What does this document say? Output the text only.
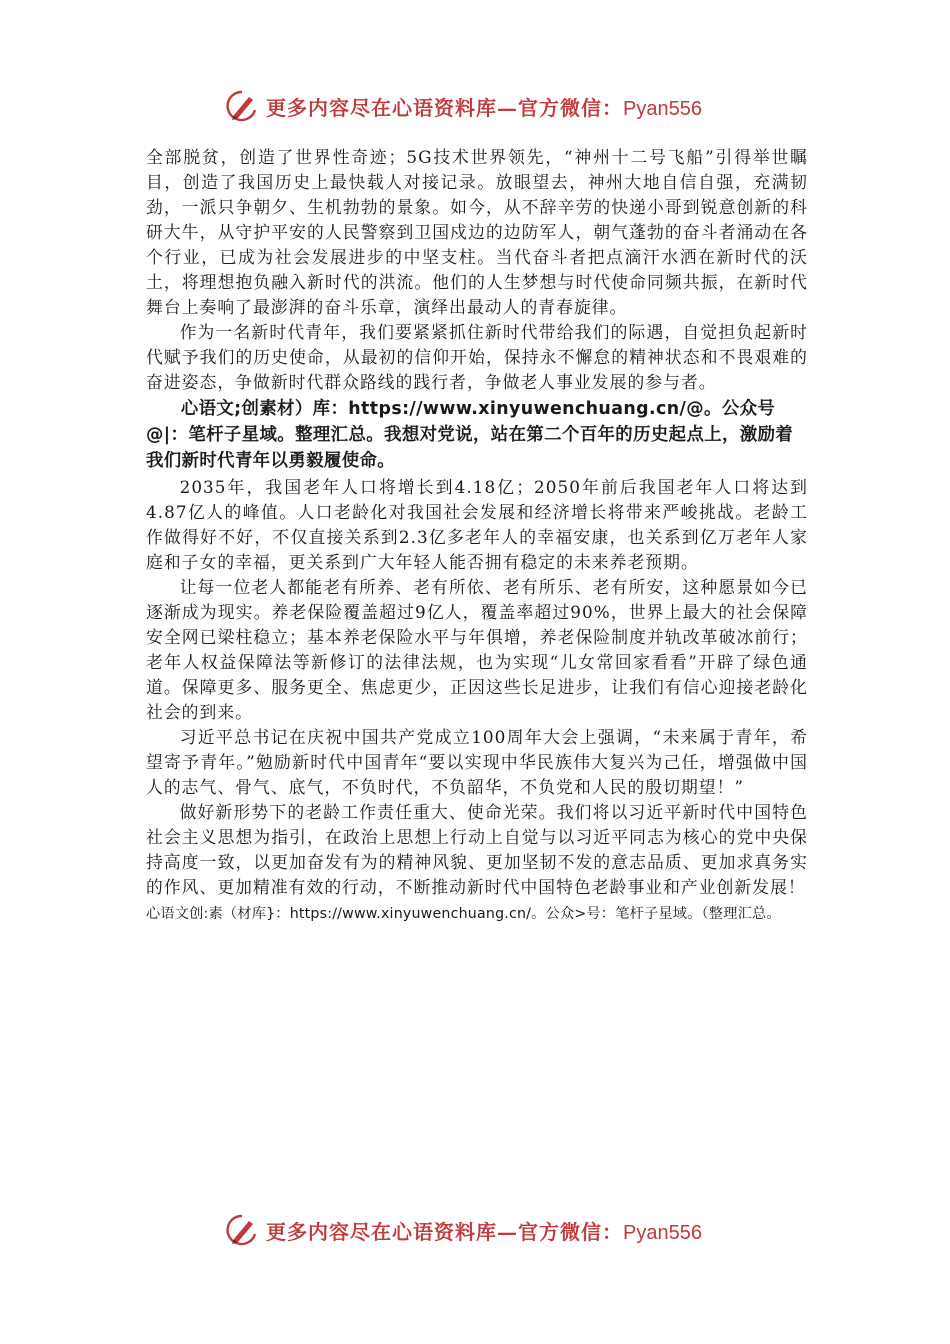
更多内容尽在心语资料库—官方微信：Pyan556

全部脱贫，创造了世界性奇迹；5G技术世界领先，“神州十二号飞船”引得举世瞩目，创造了我国历史上最快载人对接记录。放眼望去，神州大地自信自强，充满韧劲，一派只争朝夕、生机勃勃的景象。如今，从不辞辛劳的快递小哥到锐意创新的科研大牛，从守护平安的人民警察到卫国戍边的边防军人，朝气蓬勃的奋斗者涌动在各个行业，已成为社会发展进步的中坚支柱。当代奋斗者把点滴汗水洒在新时代的沃土，将理想抱负融入新时代的洪流。他们的人生梦想与时代使命同频共振，在新时代舞台上奏响了最澎湃的奋斗乐章，演绎出最动人的青春旋律。

作为一名新时代青年，我们要紧紧抓住新时代带给我们的际遇，自觉担负起新时代赋予我们的历史使命，从最初的信仰开始，保持永不懈怠的精神状态和不畏艰难的奋进姿态，争做新时代群众路线的践行者，争做老人事业发展的参与者。

心语文;创素材）库：https://www.xinyuwenchuang.cn/@。公众号@|：笔杆子星域。整理汇总。我想对党说，站在第二个百年的历史起点上，激励着我们新时代青年以勇毅履使命。

2035年，我国老年人口将增长到4.18亿；2050年前后我国老年人口将达到4.87亿人的峰值。人口老龄化对我国社会发展和经济增长将带来严峻挑战。老龄工作做得好不好，不仅直接关系到2.3亿多老年人的幸福安康，也关系到亿万老年人家庭和子女的幸福，更关系到广大年轻人能否拥有稳定的未来养老预期。

让每一位老人都能老有所养、老有所依、老有所乐、老有所安，这种愿景如今已逐渐成为现实。养老保险覆盖超过9亿人，覆盖率超过90%，世界上最大的社会保障安全网已梁柱稳立；基本养老保险水平与年俱增，养老保险制度并轨改革破冰前行；老年人权益保障法等新修订的法律法规，也为实现“儿女常回家看看”开辟了绿色通道。保障更多、服务更全、焦虑更少，正因这些长足进步，让我们有信心迎接老龄化社会的到来。

习近平总书记在庆祝中国共产党成立100周年大会上强调，“未来属于青年，希望寄予青年。”勉励新时代中国青年“要以实现中华民族伟大复兴为己任，增强做中国人的志气、骨气、底气，不负时代，不负韶华，不负党和人民的殷切期望！”

做好新形势下的老龄工作责任重大、使命光荣。我们将以习近平新时代中国特色社会主义思想为指引，在政治上思想上行动上自觉与以习近平同志为核心的党中央保持高度一致，以更加奋发有为的精神风貌、更加坚韧不发的意志品质、更加求真务实的作风、更加精准有效的行动，不断推动新时代中国特色老龄事业和产业创新发展！

心语文创:素（材库}：https://www.xinyuwenchuang.cn/。公众>号：笔杆子星域。（整理汇总。

更多内容尽在心语资料库—官方微信：Pyan556
